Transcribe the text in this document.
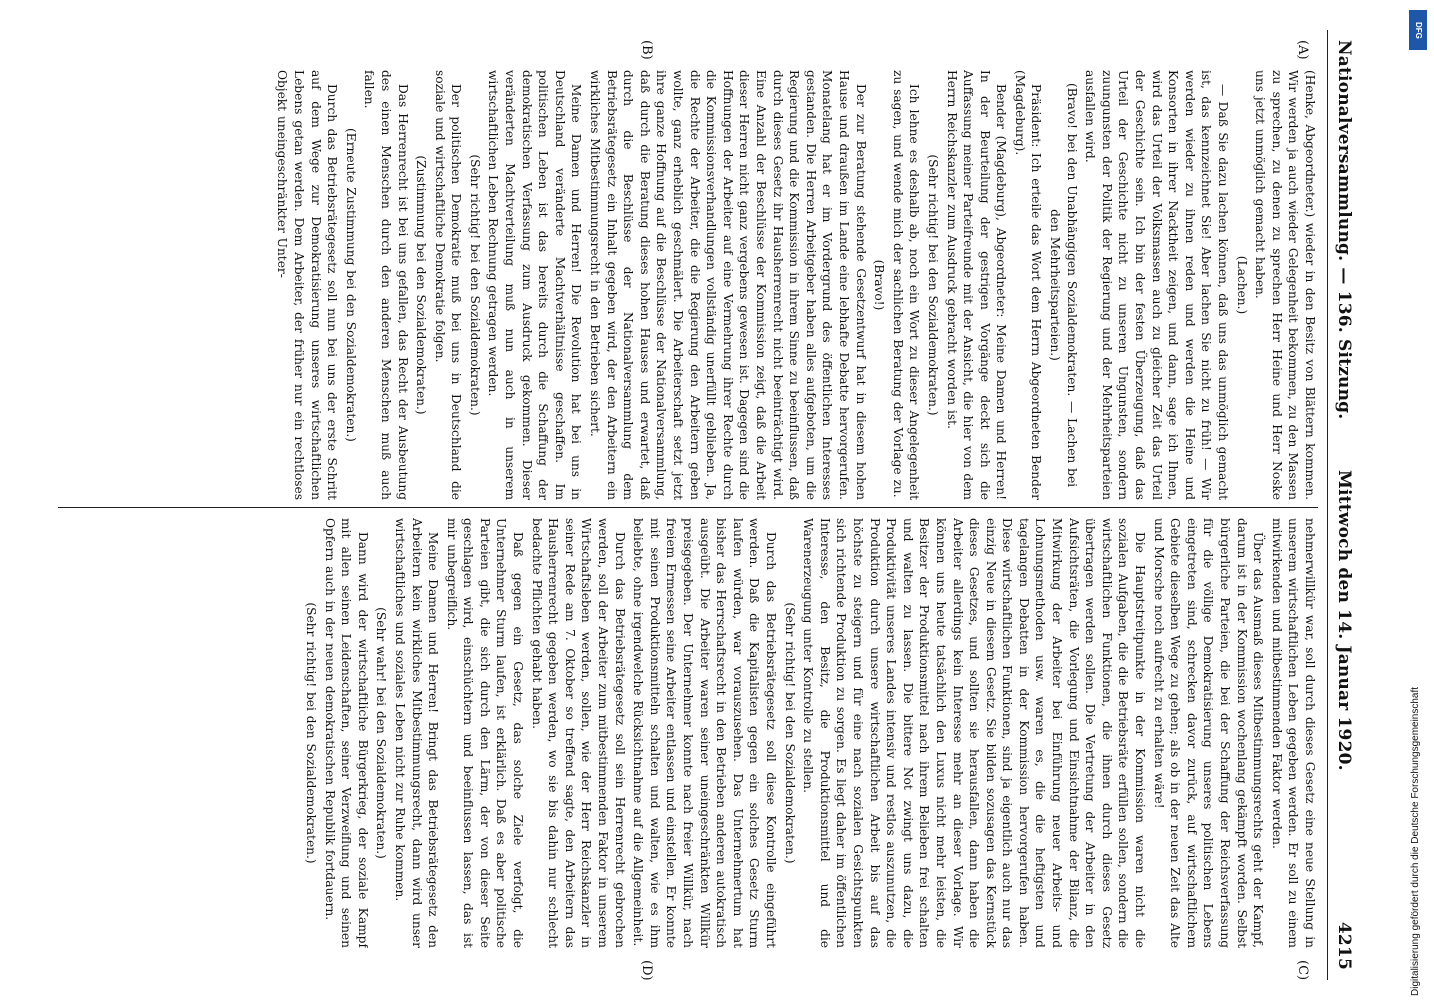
Nationalversammlung. — 136. Sitzung.
Mittwoch den 14. Januar 1920.
4215
(A)
(B)
(C)
(D)

(Henke, Abgeordneter.) wieder in den Besitz von Blättern kommen. Wir werden ja auch wieder Gelegenheit bekommen, zu den Massen zu sprechen, zu denen zu sprechen Herr Heine und Herr Noske uns jetzt unmöglich gemacht haben.

(Lachen.)

— Daß Sie dazu lachen können, daß uns das unmöglich gemacht ist, das kennzeichnet Sie! Aber lachen Sie nicht zu früh! — Wir werden wieder zu ihnen reden und werden die Heine und Konsorten in ihrer Nacktheit zeigen, und dann, sage ich Ihnen, wird das Urteil der Volksmassen auch zu gleicher Zeit das Urteil der Geschichte sein. Ich bin der festen Überzeugung, daß das Urteil der Geschichte nicht zu unseren Ungunsten, sondern zuungunsten der Politik der Regierung und der Mehrheitsparteien ausfallen wird.

(Bravo! bei den Unabhängigen Sozialdemokraten. — Lachen bei den Mehrheitsparteien.)

Präsident: Ich erteile das Wort dem Herrn Abgeordneten Bender (Magdeburg).

Bender (Magdeburg), Abgeordneter: Meine Damen und Herren! In der Beurteilung der gestrigen Vorgänge deckt sich die Auffassung meiner Parteifreunde mit der Ansicht, die hier von dem Herrn Reichskanzler zum Ausdruck gebracht worden ist.

(Sehr richtig! bei den Sozialdemokraten.)

Ich lehne es deshalb ab, noch ein Wort zu dieser Angelegenheit zu sagen, und wende mich der sachlichen Beratung der Vorlage zu.

(Bravo!)

Der zur Beratung stehende Gesetzentwurf hat in diesem hohen Hause und draußen im Lande eine lebhafte Debatte hervorgerufen. Monatelang hat er im Vordergrund des öffentlichen Interesses gestanden. Die Herren Arbeitgeber haben alles aufgeboten, um die Regierung und die Kommission in ihrem Sinne zu beeinflussen, daß durch dieses Gesetz ihr Hausherrenrecht nicht beeinträchtigt wird. Eine Anzahl der Beschlüsse der Kommission zeigt, daß die Arbeit dieser Herren nicht ganz vergebens gewesen ist. Dagegen sind die Hoffnungen der Arbeiter auf eine Vermehrung ihrer Rechte durch die Kommissionsverhandlungen vollständig unerfüllt geblieben. Ja, die Rechte der Arbeiter, die die Regierung den Arbeitern geben wollte, ganz erheblich geschmälert. Die Arbeiterschaft setzt jetzt ihre ganze Hoffnung auf die Beschlüsse der Nationalversammlung, daß durch die Beratung dieses hohen Hauses und erwartet, daß durch die Beschlüsse der Nationalversammlung dem Betriebsrätegesetz ein Inhalt gegeben wird, der den Arbeitern ein wirkliches Mitbestimmungsrecht in den Betrieben sichert.

Meine Damen und Herren! Die Revolution hat bei uns in Deutschland veränderte Machtverhältnisse geschaffen. Im politischen Leben ist das bereits durch die Schaffung der demokratischen Verfassung zum Ausdruck gekommen. Dieser veränderten Machtverteilung muß nun auch in unserem wirtschaftlichen Leben Rechnung getragen werden.

(Sehr richtig! bei den Sozialdemokraten.)

Der politischen Demokratie muß bei uns in Deutschland die soziale und wirtschaftliche Demokratie folgen.

(Zustimmung bei den Sozialdemokraten.)

Das Herrenrecht ist bei uns gefallen, das Recht der Ausbeutung des einen Menschen durch den anderen Menschen muß auch fallen.

(Erneute Zustimmung bei den Sozialdemokraten.)

Durch das Betriebsrätegesetz soll nun bei uns der erste Schritt auf dem Wege zur Demokratisierung unseres wirtschaftlichen Lebens getan werden. Dem Arbeiter, der früher nur ein rechtloses Objekt uneingeschränkter Unter-

nehmerwillkür war, soll durch dieses Gesetz eine neue Stellung in unserem wirtschaftlichen Leben gegeben werden. Er soll zu einem mitwirkenden und mitbestimmenden Faktor werden.

Über das Ausmaß dieses Mitbestimmungsrechts geht der Kampf, darum ist in der Kommission wochenlang gekämpft worden. Selbst bürgerliche Parteien, die bei der Schaffung der Reichsverfassung für die völlige Demokratisierung unseres politischen Lebens eingetreten sind, schrecken davor zurück, auf wirtschaftlichem Gebiete dieselben Wege zu gehen; als ob in der neuen Zeit das Alte und Morsche noch aufrecht zu erhalten wäre!

Die Hauptstreitpunkte in der Kommission waren nicht die sozialen Aufgaben, die die Betriebsräte erfüllen sollen, sondern die wirtschaftlichen Funktionen, die ihnen durch dieses Gesetz übertragen werden sollen. Die Vertretung der Arbeiter in den Aufsichtsräten, die Vorlegung und Einsichtnahme der Bilanz, die Mitwirkung der Arbeiter bei Einführung neuer Arbeits- und Lohnungsmethoden usw. waren es, die die heftigsten und tagelangen Debatten in der Kommission hervorgerufen haben. Diese wirtschaftlichen Funktionen, sind ja eigentlich auch nur das einzig Neue in diesem Gesetz. Sie bilden sozusagen das Kernstück dieses Gesetzes, und sollten sie herausfallen, dann haben die Arbeiter allerdings kein Interesse mehr an dieser Vorlage. Wir können uns heute tatsächlich den Luxus nicht mehr leisten, die Besitzer der Produktionsmittel nach ihrem Belieben frei schalten und walten zu lassen. Die bittere Not zwingt uns dazu, die Produktivität unseres Landes intensiv und restlos auszunutzen, die Produktion durch unsere wirtschaftlichen Arbeit bis auf das höchste zu steigern und für eine nach sozialen Gesichtspunkten sich richtende Produktion zu sorgen. Es liegt daher im öffentlichen Interesse, den Besitz, die Produktionsmittel und die Warenerzeugung unter Kontrolle zu stellen.

(Sehr richtig! bei den Sozialdemokraten.)

Durch das Betriebsrätegesetz soll diese Kontrolle eingeführt werden. Daß die Kapitalisten gegen ein solches Gesetz Sturm laufen würden, war vorauszusehen. Das Unternehmertum hat bisher das Herrschaftsrecht in den Betrieben anderen autokratisch ausgeübt. Die Arbeiter waren seiner uneingeschränkten Willkür preisgegeben. Der Unternehmer konnte nach freier Willkür, nach freiem Ermessen seine Arbeiter entlassen und einstellen. Er konnte mit seinen Produktionsmitteln schalten und walten, wie es ihm beliebte, ohne irgendwelche Rücksichtnahme auf die Allgemeinheit.

Durch das Betriebsrätegesetz soll sein Herrenrecht gebrochen werden, soll der Arbeiter zum mitbestimmenden Faktor in unserem Wirtschaftsleben werden, sollen, wie der Herr Reichskanzler in seiner Rede am 7. Oktober so treffend sagte, den Arbeitern das Hausherrenrecht gegeben werden, wo sie bis dahin nur schlecht bedachte Pflichten gehabt haben.

Daß gegen ein Gesetz, das solche Ziele verfolgt, die Unternehmer Sturm laufen, ist erklärlich. Daß es aber politische Parteien gibt, die sich durch den Lärm, der von dieser Seite geschlagen wird, einschüchtern und beeinflussen lassen, das ist mir unbegreiflich.

Meine Damen und Herren! Bringt das Betriebsrätegesetz den Arbeitern kein wirkliches Mitbestimmungsrecht, dann wird unser wirtschaftliches und soziales Leben nicht zur Ruhe kommen.

(Sehr wahr! bei den Sozialdemokraten.)

Dann wird der wirtschaftliche Bürgerkrieg, der soziale Kampf mit allen seinen Leidenschaften, seiner Verzweiflung und seinen Opfern auch in der neuen demokratischen Republik fortdauern.

(Sehr richtig! bei den Sozialdemokraten.)

DFG
Digitalisierung gefördert durch die Deutsche Forschungsgemeinschaft
